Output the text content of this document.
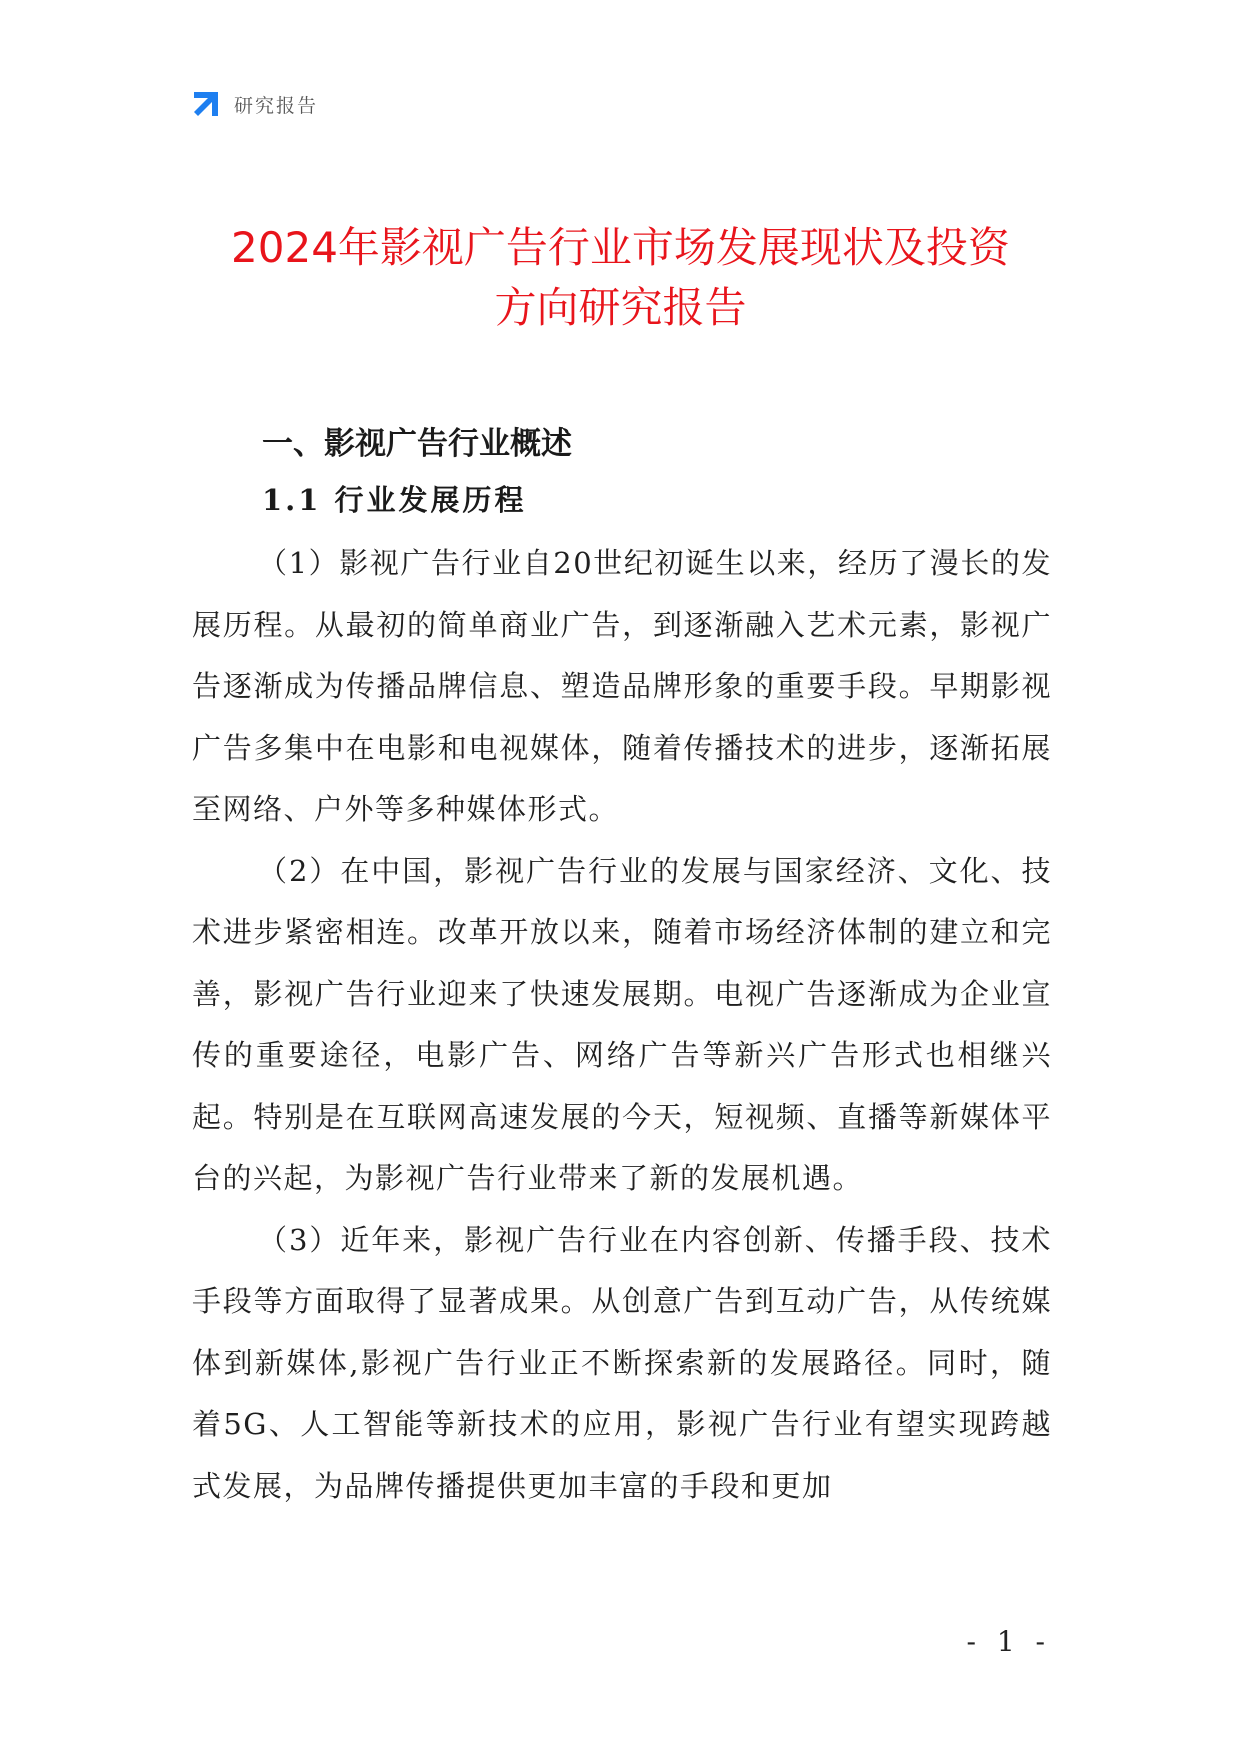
研究报告
2024年影视广告行业市场发展现状及投资
方向研究报告
一、影视广告行业概述
1.1 行业发展历程

（1）影视广告行业自20世纪初诞生以来，经历了漫长的发展历程。从最初的简单商业广告，到逐渐融入艺术元素，影视广告逐渐成为传播品牌信息、塑造品牌形象的重要手段。早期影视广告多集中在电影和电视媒体，随着传播技术的进步，逐渐拓展至网络、户外等多种媒体形式。

（2）在中国，影视广告行业的发展与国家经济、文化、技术进步紧密相连。改革开放以来，随着市场经济体制的建立和完善，影视广告行业迎来了快速发展期。电视广告逐渐成为企业宣传的重要途径，电影广告、网络广告等新兴广告形式也相继兴起。特别是在互联网高速发展的今天，短视频、直播等新媒体平台的兴起，为影视广告行业带来了新的发展机遇。

（3）近年来，影视广告行业在内容创新、传播手段、技术手段等方面取得了显著成果。从创意广告到互动广告，从传统媒体到新媒体,影视广告行业正不断探索新的发展路径。同时，随着5G、人工智能等新技术的应用，影视广告行业有望实现跨越式发展，为品牌传播提供更加丰富的手段和更加

- 1 -
